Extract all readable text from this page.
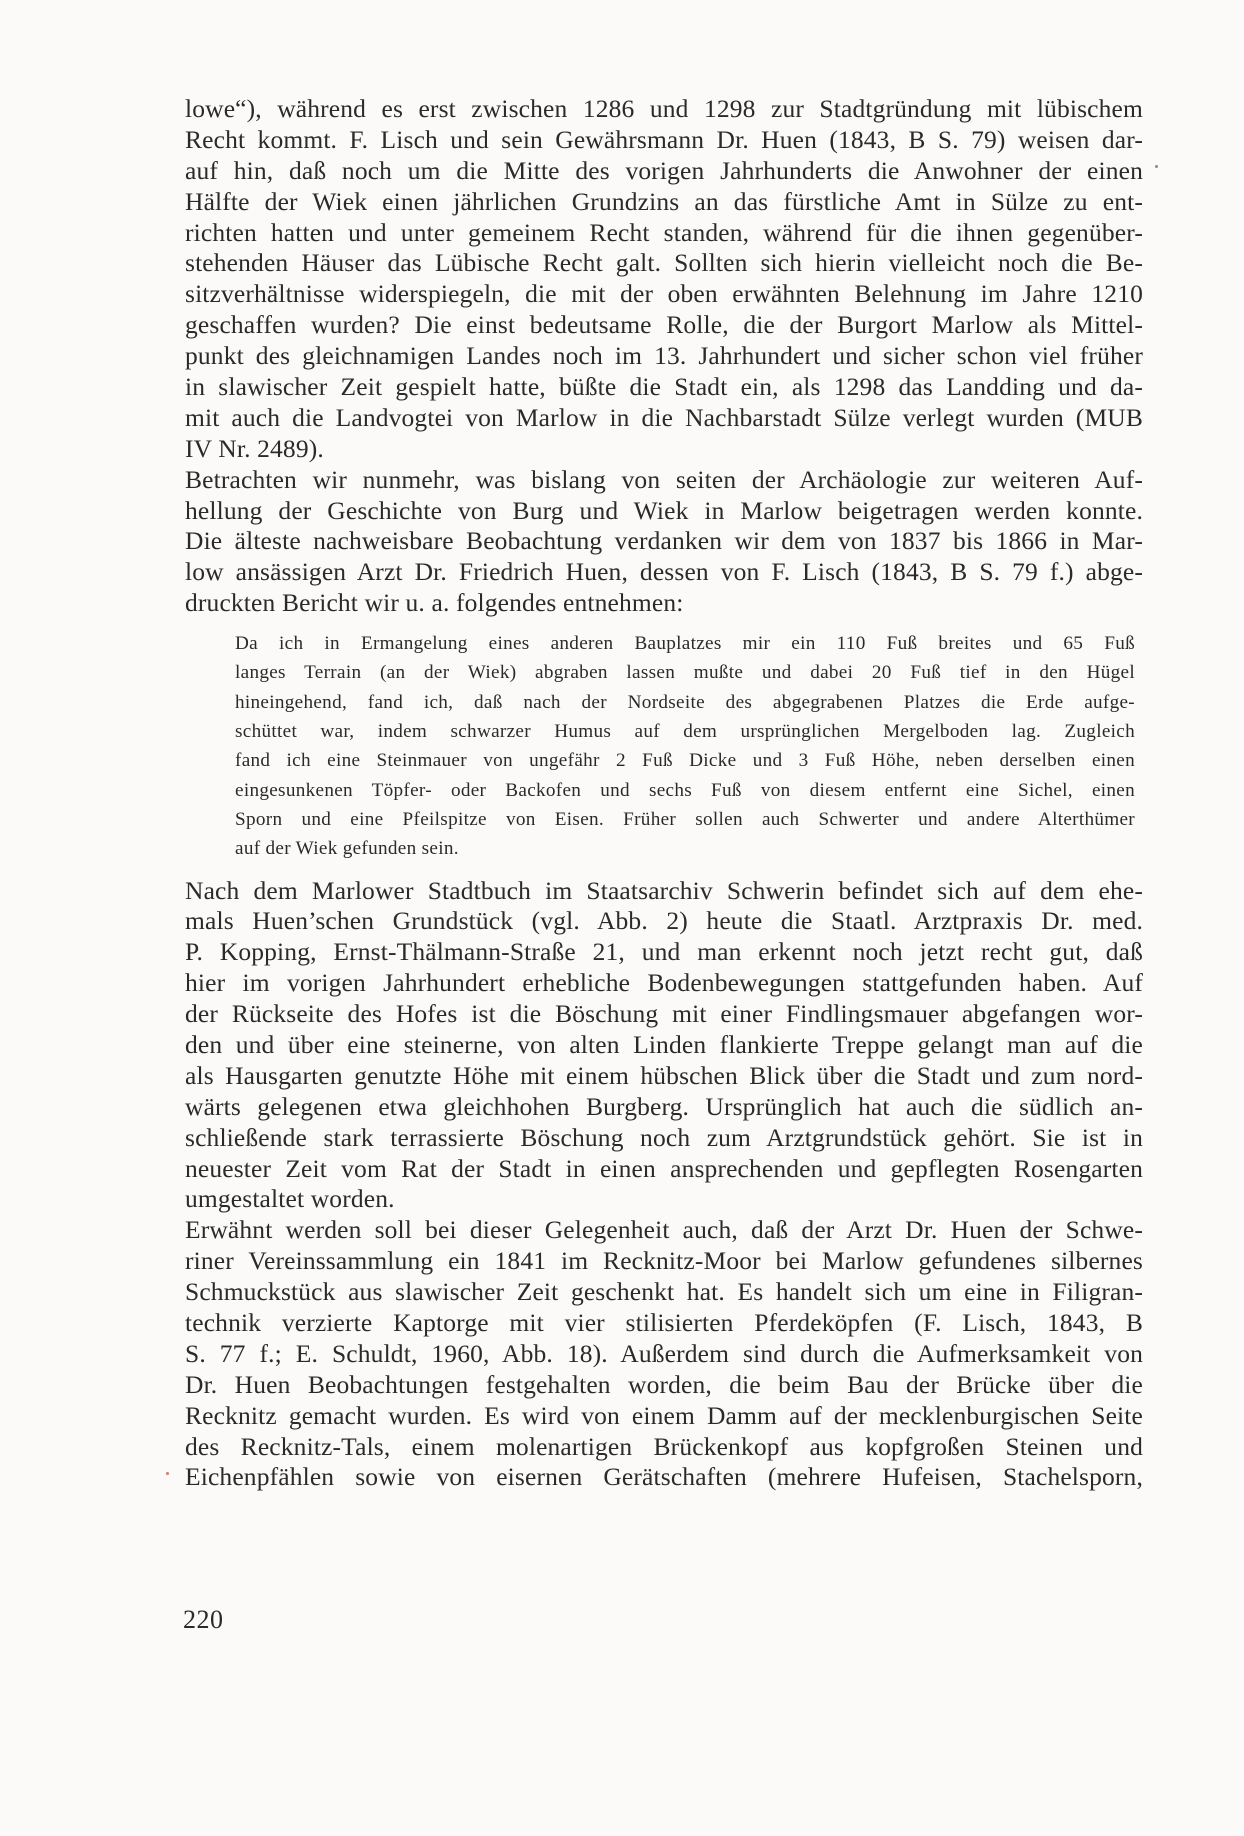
lowe“), während es erst zwischen 1286 und 1298 zur Stadtgründung mit lübischem
Recht kommt. F. Lisch und sein Gewährsmann Dr. Huen (1843, B S. 79) weisen dar-
auf hin, daß noch um die Mitte des vorigen Jahrhunderts die Anwohner der einen
Hälfte der Wiek einen jährlichen Grundzins an das fürstliche Amt in Sülze zu ent-
richten hatten und unter gemeinem Recht standen, während für die ihnen gegenüber-
stehenden Häuser das Lübische Recht galt. Sollten sich hierin vielleicht noch die Be-
sitzverhältnisse widerspiegeln, die mit der oben erwähnten Belehnung im Jahre 1210
geschaffen wurden? Die einst bedeutsame Rolle, die der Burgort Marlow als Mittel-
punkt des gleichnamigen Landes noch im 13. Jahrhundert und sicher schon viel früher
in slawischer Zeit gespielt hatte, büßte die Stadt ein, als 1298 das Landding und da-
mit auch die Landvogtei von Marlow in die Nachbarstadt Sülze verlegt wurden (MUB
IV Nr. 2489).
Betrachten wir nunmehr, was bislang von seiten der Archäologie zur weiteren Auf-
hellung der Geschichte von Burg und Wiek in Marlow beigetragen werden konnte.
Die älteste nachweisbare Beobachtung verdanken wir dem von 1837 bis 1866 in Mar-
low ansässigen Arzt Dr. Friedrich Huen, dessen von F. Lisch (1843, B S. 79 f.) abge-
druckten Bericht wir u. a. folgendes entnehmen:
Da ich in Ermangelung eines anderen Bauplatzes mir ein 110 Fuß breites und 65 Fuß
langes Terrain (an der Wiek) abgraben lassen mußte und dabei 20 Fuß tief in den Hügel
hineingehend, fand ich, daß nach der Nordseite des abgegrabenen Platzes die Erde aufge-
schüttet war, indem schwarzer Humus auf dem ursprünglichen Mergelboden lag. Zugleich
fand ich eine Steinmauer von ungefähr 2 Fuß Dicke und 3 Fuß Höhe, neben derselben einen
eingesunkenen Töpfer- oder Backofen und sechs Fuß von diesem entfernt eine Sichel, einen
Sporn und eine Pfeilspitze von Eisen. Früher sollen auch Schwerter und andere Alterthümer
auf der Wiek gefunden sein.
Nach dem Marlower Stadtbuch im Staatsarchiv Schwerin befindet sich auf dem ehe-
mals Huen’schen Grundstück (vgl. Abb. 2) heute die Staatl. Arztpraxis Dr. med.
P. Kopping, Ernst-Thälmann-Straße 21, und man erkennt noch jetzt recht gut, daß
hier im vorigen Jahrhundert erhebliche Bodenbewegungen stattgefunden haben. Auf
der Rückseite des Hofes ist die Böschung mit einer Findlingsmauer abgefangen wor-
den und über eine steinerne, von alten Linden flankierte Treppe gelangt man auf die
als Hausgarten genutzte Höhe mit einem hübschen Blick über die Stadt und zum nord-
wärts gelegenen etwa gleichhohen Burgberg. Ursprünglich hat auch die südlich an-
schließende stark terrassierte Böschung noch zum Arztgrundstück gehört. Sie ist in
neuester Zeit vom Rat der Stadt in einen ansprechenden und gepflegten Rosengarten
umgestaltet worden.
Erwähnt werden soll bei dieser Gelegenheit auch, daß der Arzt Dr. Huen der Schwe-
riner Vereinssammlung ein 1841 im Recknitz-Moor bei Marlow gefundenes silbernes
Schmuckstück aus slawischer Zeit geschenkt hat. Es handelt sich um eine in Filigran-
technik verzierte Kaptorge mit vier stilisierten Pferdeköpfen (F. Lisch, 1843, B
S. 77 f.; E. Schuldt, 1960, Abb. 18). Außerdem sind durch die Aufmerksamkeit von
Dr. Huen Beobachtungen festgehalten worden, die beim Bau der Brücke über die
Recknitz gemacht wurden. Es wird von einem Damm auf der mecklenburgischen Seite
des Recknitz-Tals, einem molenartigen Brückenkopf aus kopfgroßen Steinen und
Eichenpfählen sowie von eisernen Gerätschaften (mehrere Hufeisen, Stachelsporn,
220
